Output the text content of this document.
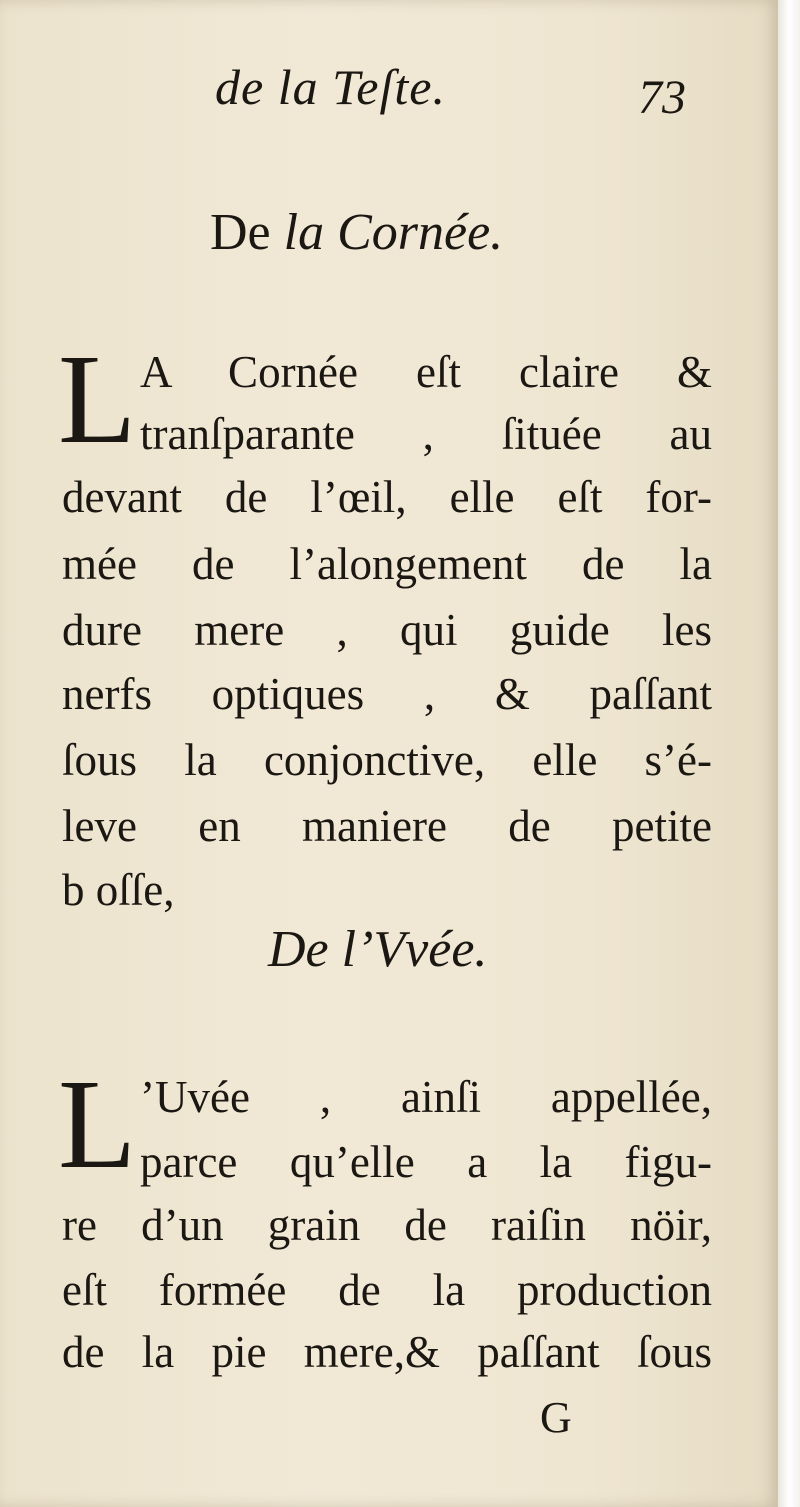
de la Teſte.	73
De la Cornée.
L A Cornée eſt claire &
tranſparante , ſituée au
devant de l’œil, elle eſt for-
mée de l’alongement de la
dure mere , qui guide les
nerfs optiques , & paſſant
ſous la conjonctive, elle s’é-
leve en maniere de petite
b oſſe,
De l’Vvée.
L ’Uvée , ainſi appellée,
parce qu’elle a la figu-
re d’un grain de raiſin nöir,
eſt formée de la production
de la pie mere,& paſſant ſous
G
